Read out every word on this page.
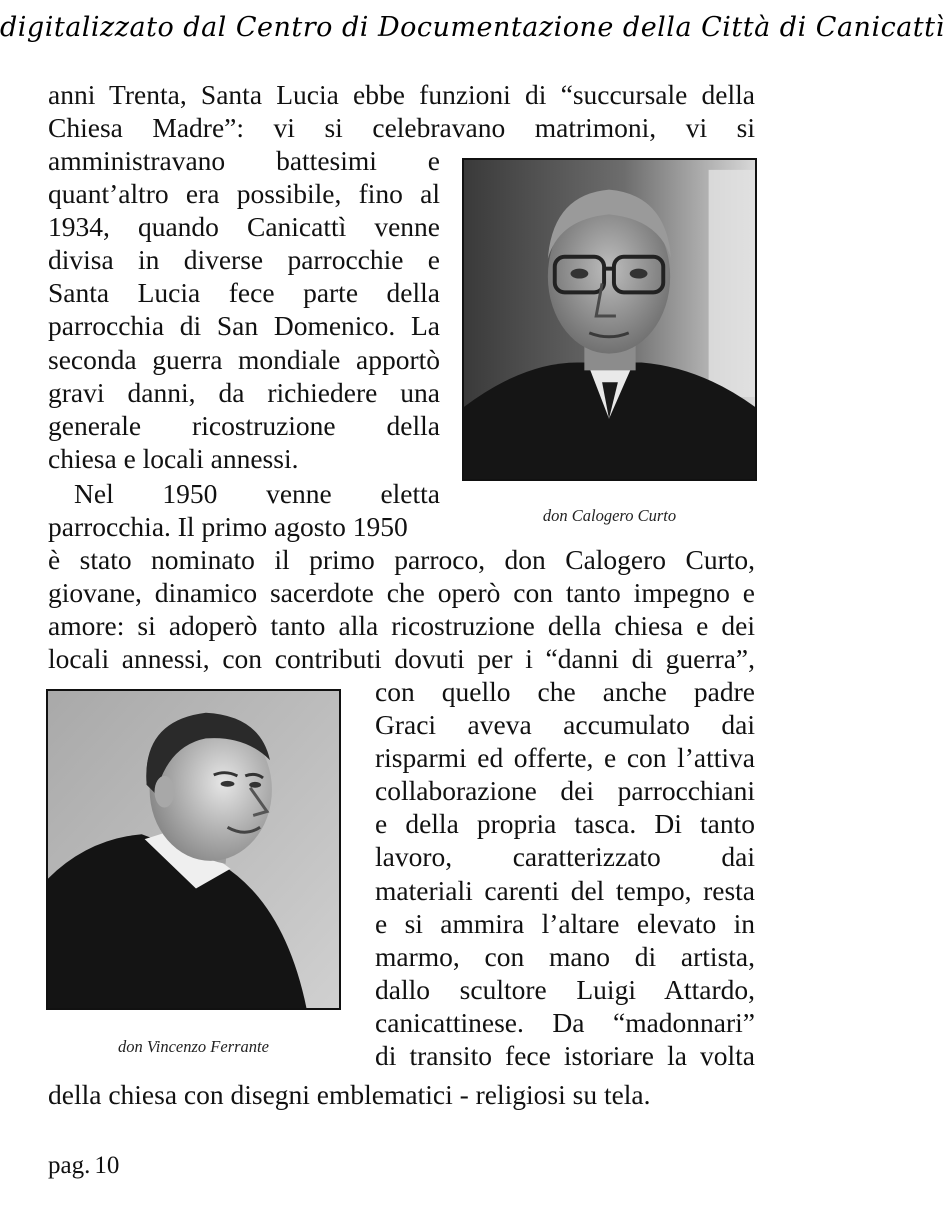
digitalizzato dal Centro di Documentazione della Città di Canicattì
anni Trenta, Santa Lucia ebbe funzioni di “succursale della
Chiesa Madre”: vi si celebravano matrimoni, vi si
amministravano battesimi e
quant’altro era possibile, fino al
1934, quando Canicattì venne
divisa in diverse parrocchie e
Santa Lucia fece parte della
parrocchia di San Domenico. La
seconda guerra mondiale apportò
gravi danni, da richiedere una
generale ricostruzione della
chiesa e locali annessi.
Nel 1950 venne eletta
parrocchia. Il primo agosto 1950
è stato nominato il primo parroco, don Calogero Curto,
giovane, dinamico sacerdote che operò con tanto impegno e
amore: si adoperò tanto alla ricostruzione della chiesa e dei
locali annessi, con contributi dovuti per i “danni di guerra”,
con quello che anche padre
Graci aveva accumulato dai
risparmi ed offerte, e con l’attiva
collaborazione dei parrocchiani
e della propria tasca. Di tanto
lavoro, caratterizzato dai
materiali carenti del tempo, resta
e si ammira l’altare elevato in
marmo, con mano di artista,
dallo scultore Luigi Attardo,
canicattinese. Da “madonnari”
di transito fece istoriare la volta
della chiesa con disegni emblematici - religiosi su tela.
don Calogero Curto
don Vincenzo Ferrante
pag. 10
